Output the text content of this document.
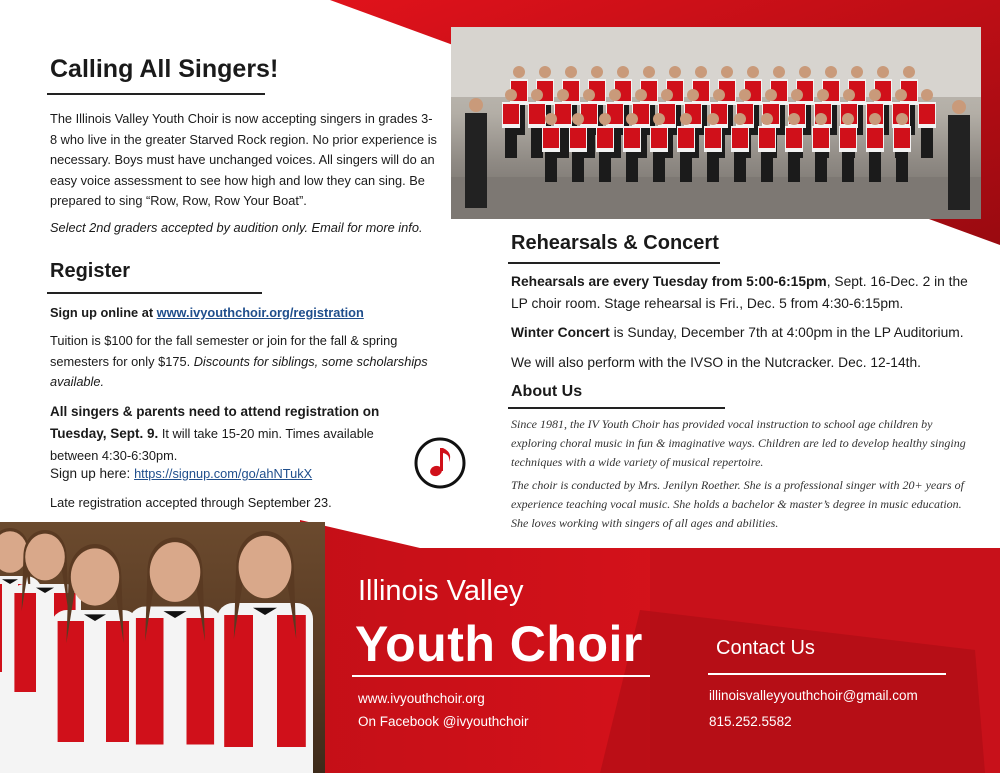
Calling All Singers!

The Illinois Valley Youth Choir is now accepting singers in grades 3-8 who live in the greater Starved Rock region. No prior experience is necessary. Boys must have unchanged voices. All singers will do an easy voice assessment to see how high and low they can sing. Be prepared to sing “Row, Row, Row Your Boat”.

Select 2nd graders accepted by audition only. Email for more info.

Register

Sign up online at www.ivyouthchoir.org/registration

Tuition is $100 for the fall semester or join for the fall & spring semesters for only $175. Discounts for siblings, some scholarships available.

All singers & parents need to attend registration on Tuesday, Sept. 9. It will take 15-20 min. Times available between 4:30-6:30pm.

Sign up here: https://signup.com/go/ahNTukX

Late registration accepted through September 23.

Rehearsals & Concert

Rehearsals are every Tuesday from 5:00-6:15pm, Sept. 16-Dec. 2 in the LP choir room. Stage rehearsal is Fri., Dec. 5 from 4:30-6:15pm.

Winter Concert is Sunday, December 7th at 4:00pm in the LP Auditorium.

We will also perform with the IVSO in the Nutcracker. Dec. 12-14th.

About Us

Since 1981, the IV Youth Choir has provided vocal instruction to school age children by exploring choral music in fun & imaginative ways. Children are led to develop healthy singing techniques with a wide variety of musical repertoire.

The choir is conducted by Mrs. Jenilyn Roether. She is a professional singer with 20+ years of experience teaching vocal music. She holds a bachelor & master’s degree in music education. She loves working with singers of all ages and abilities.

Illinois Valley
Youth Choir
www.ivyouthchoir.org
On Facebook @ivyouthchoir
Contact Us
illinoisvalleyyouthchoir@gmail.com
815.252.5582
